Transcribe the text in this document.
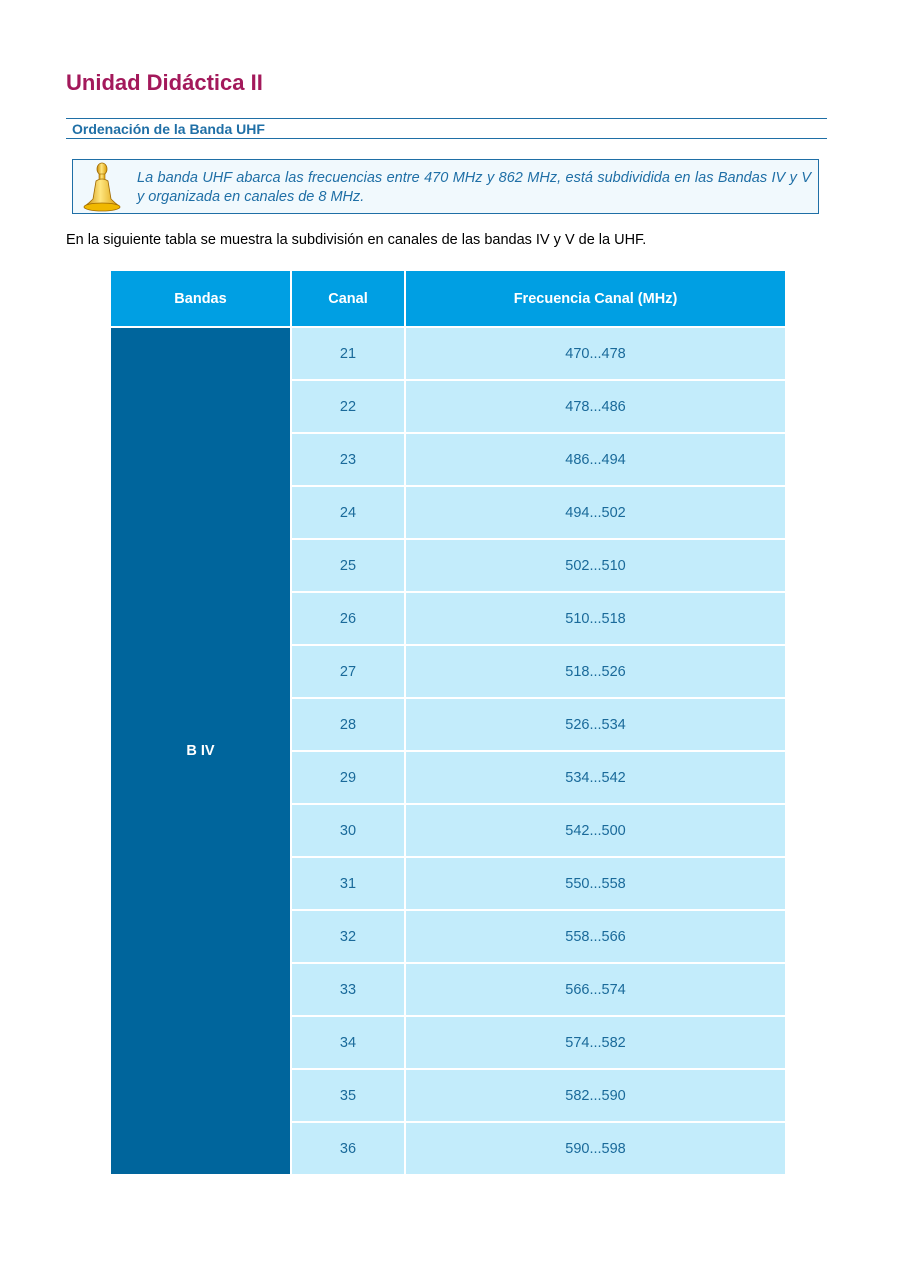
Unidad Didáctica II
Ordenación de la Banda UHF

La banda UHF abarca las frecuencias entre 470 MHz y 862 MHz, está subdividida en las Bandas IV y V y organizada en canales de 8 MHz.

En la siguiente tabla se muestra la subdivisión en canales de las bandas IV y V de la UHF.

Bandas	Canal	Frecuencia Canal (MHz)
B IV	21	470...478
	22	478...486
	23	486...494
	24	494...502
	25	502...510
	26	510...518
	27	518...526
	28	526...534
	29	534...542
	30	542...500
	31	550...558
	32	558...566
	33	566...574
	34	574...582
	35	582...590
	36	590...598
